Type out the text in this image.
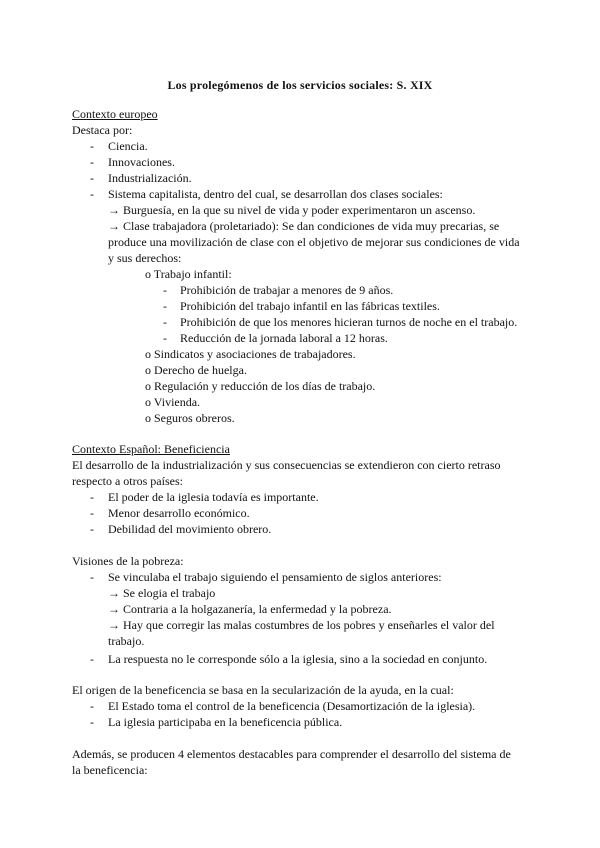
Los prolegómenos de los servicios sociales: S. XIX
Contexto europeo
Destaca por:
- Ciencia.
- Innovaciones.
- Industrialización.
- Sistema capitalista, dentro del cual, se desarrollan dos clases sociales:
→ Burguesía, en la que su nivel de vida y poder experimentaron un ascenso.
→ Clase trabajadora (proletariado): Se dan condiciones de vida muy precarias, se
produce una movilización de clase con el objetivo de mejorar sus condiciones de vida
y sus derechos:
o Trabajo infantil:
- Prohibición de trabajar a menores de 9 años.
- Prohibición del trabajo infantil en las fábricas textiles.
- Prohibición de que los menores hicieran turnos de noche en el trabajo.
- Reducción de la jornada laboral a 12 horas.
o Sindicatos y asociaciones de trabajadores.
o Derecho de huelga.
o Regulación y reducción de los días de trabajo.
o Vivienda.
o Seguros obreros.
Contexto Español: Beneficiencia
El desarrollo de la industrialización y sus consecuencias se extendieron con cierto retraso
respecto a otros países:
- El poder de la iglesia todavía es importante.
- Menor desarrollo económico.
- Debilidad del movimiento obrero.
Visiones de la pobreza:
- Se vinculaba el trabajo siguiendo el pensamiento de siglos anteriores:
→ Se elogia el trabajo
→ Contraria a la holgazanería, la enfermedad y la pobreza.
→ Hay que corregir las malas costumbres de los pobres y enseñarles el valor del
trabajo.
- La respuesta no le corresponde sólo a la iglesia, sino a la sociedad en conjunto.
El origen de la beneficencia se basa en la secularización de la ayuda, en la cual:
- El Estado toma el control de la beneficencia (Desamortización de la iglesia).
- La iglesia participaba en la beneficencia pública.
Además, se producen 4 elementos destacables para comprender el desarrollo del sistema de
la beneficencia:
